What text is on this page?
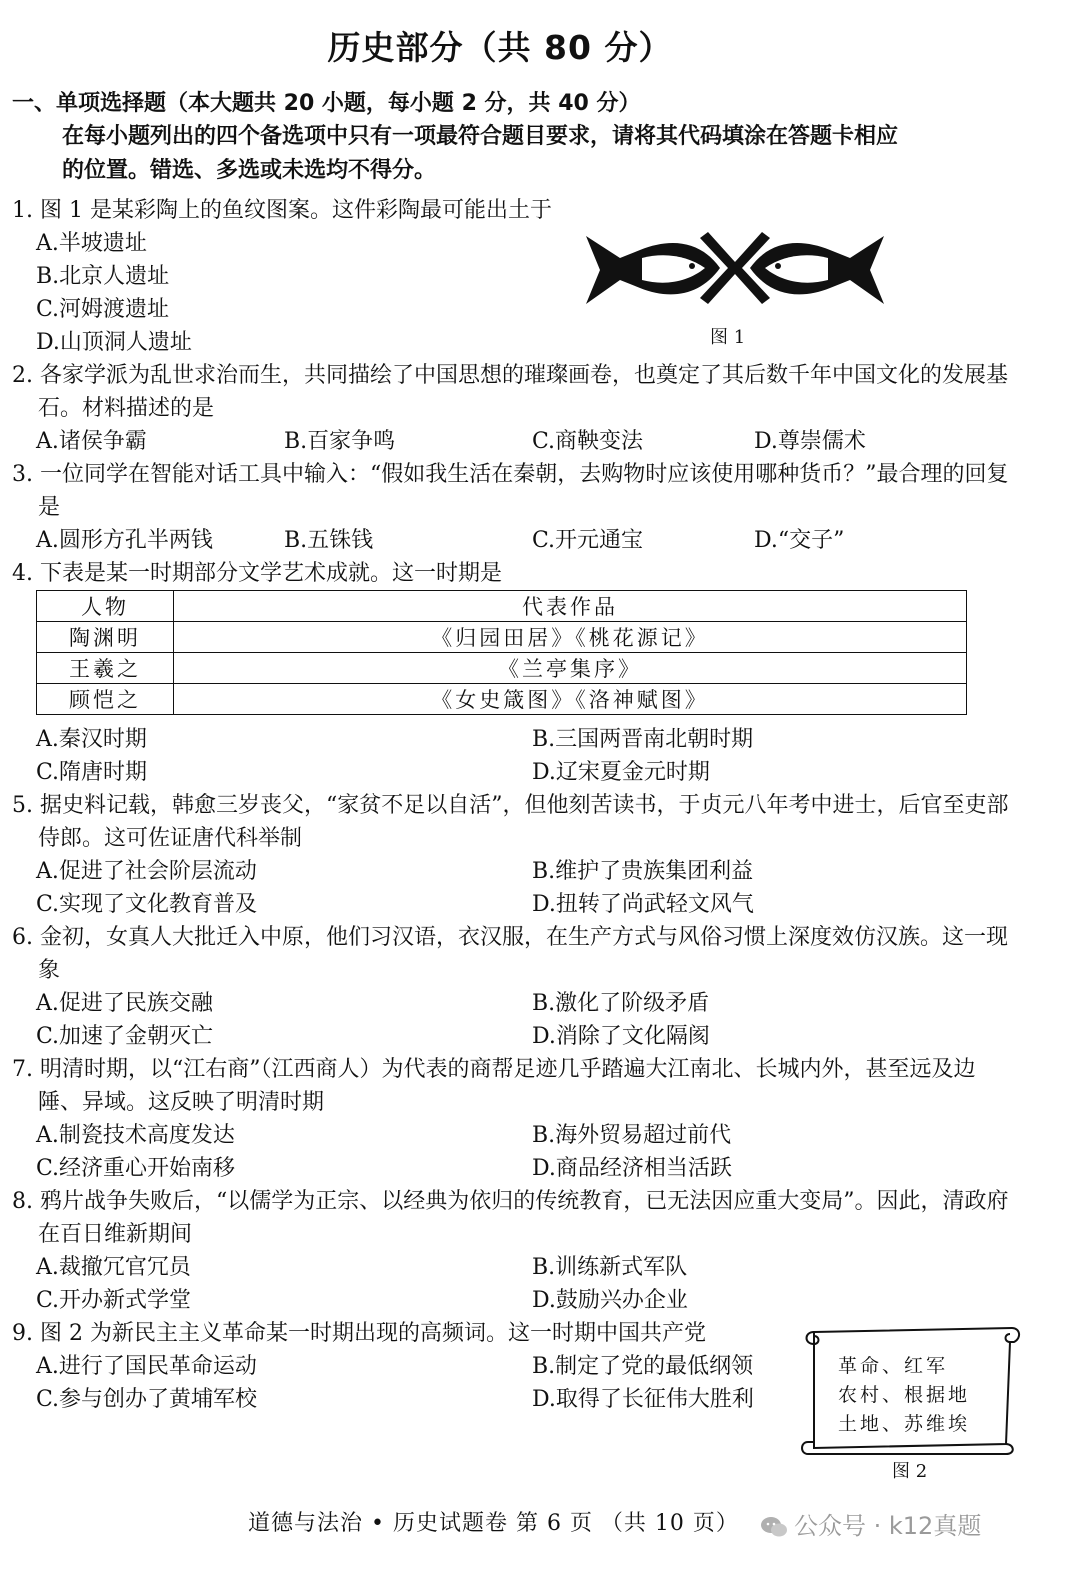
历史部分（共 80 分）
一、单项选择题（本大题共 20 小题，每小题 2 分，共 40 分）
在每小题列出的四个备选项中只有一项最符合题目要求，请将其代码填涂在答题卡相应
的位置。错选、多选或未选均不得分。
1. 图 1 是某彩陶上的鱼纹图案。这件彩陶最可能出土于
A.半坡遗址
B.北京人遗址
C.河姆渡遗址
D.山顶洞人遗址	图 1
2. 各家学派为乱世求治而生，共同描绘了中国思想的璀璨画卷，也奠定了其后数千年中国文化的发展基石。材料描述的是
A.诸侯争霸	B.百家争鸣	C.商鞅变法	D.尊崇儒术
3. 一位同学在智能对话工具中输入：“假如我生活在秦朝，去购物时应该使用哪种货币？”最合理的回复是
A.圆形方孔半两钱	B.五铢钱	C.开元通宝	D.“交子”
4. 下表是某一时期部分文学艺术成就。这一时期是
人物	代表作品
陶渊明	《归园田居》《桃花源记》
王羲之	《兰亭集序》
顾恺之	《女史箴图》《洛神赋图》
A.秦汉时期	B.三国两晋南北朝时期
C.隋唐时期	D.辽宋夏金元时期
5. 据史料记载，韩愈三岁丧父，“家贫不足以自活”，但他刻苦读书，于贞元八年考中进士，后官至吏部侍郎。这可佐证唐代科举制
A.促进了社会阶层流动	B.维护了贵族集团利益
C.实现了文化教育普及	D.扭转了尚武轻文风气
6. 金初，女真人大批迁入中原，他们习汉语，衣汉服，在生产方式与风俗习惯上深度效仿汉族。这一现象
A.促进了民族交融	B.激化了阶级矛盾
C.加速了金朝灭亡	D.消除了文化隔阂
7. 明清时期，以“江右商”（江西商人）为代表的商帮足迹几乎踏遍大江南北、长城内外，甚至远及边陲、异域。这反映了明清时期
A.制瓷技术高度发达	B.海外贸易超过前代
C.经济重心开始南移	D.商品经济相当活跃
8. 鸦片战争失败后，“以儒学为正宗、以经典为依归的传统教育，已无法因应重大变局”。因此，清政府在百日维新期间
A.裁撤冗官冗员	B.训练新式军队
C.开办新式学堂	D.鼓励兴办企业
9. 图 2 为新民主主义革命某一时期出现的高频词。这一时期中国共产党
A.进行了国民革命运动	B.制定了党的最低纲领
C.参与创办了黄埔军校	D.取得了长征伟大胜利
革命、红军
农村、根据地
土地、苏维埃
图 2
道德与法治 • 历史试题卷 第 6 页 （共 10 页）	公众号 · k12真题
